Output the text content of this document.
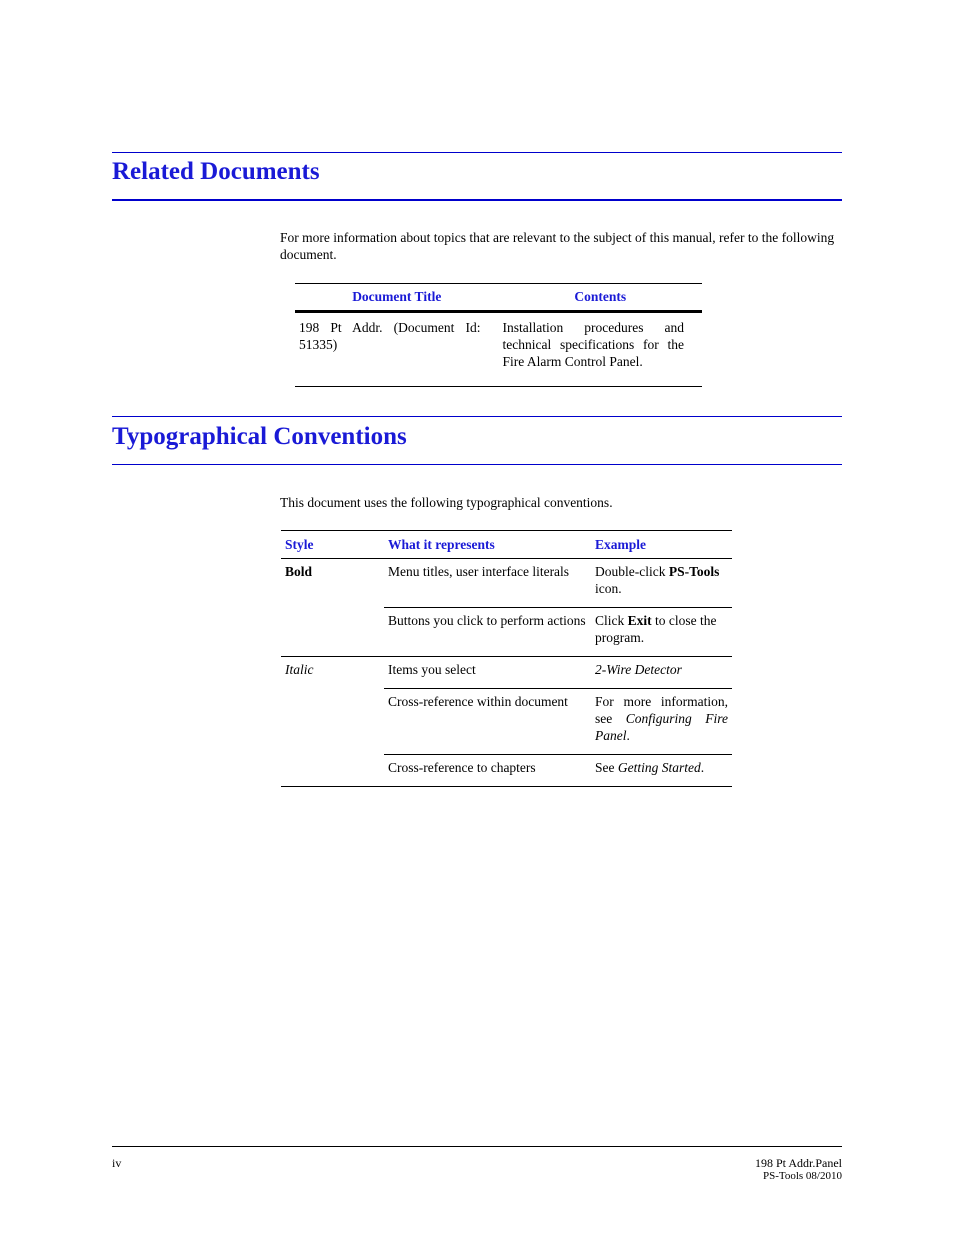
Related Documents

For more information about topics that are relevant to the subject of this manual, refer to the following document.

Document Title	Contents
198 Pt Addr. (Document Id: 51335)	Installation procedures and technical specifications for the Fire Alarm Control Panel.
Typographical Conventions

This document uses the following typographical conventions.

Style	What it represents	Example
Bold	Menu titles, user interface literals	Double-click PS-Tools icon.
	Buttons you click to perform actions	Click Exit to close the program.
Italic	Items you select	2-Wire Detector
	Cross-reference within document	For more information, see Configuring Fire Panel.
	Cross-reference to chapters	See Getting Started.
iv	198 Pt Addr.Panel
PS-Tools 08/2010
